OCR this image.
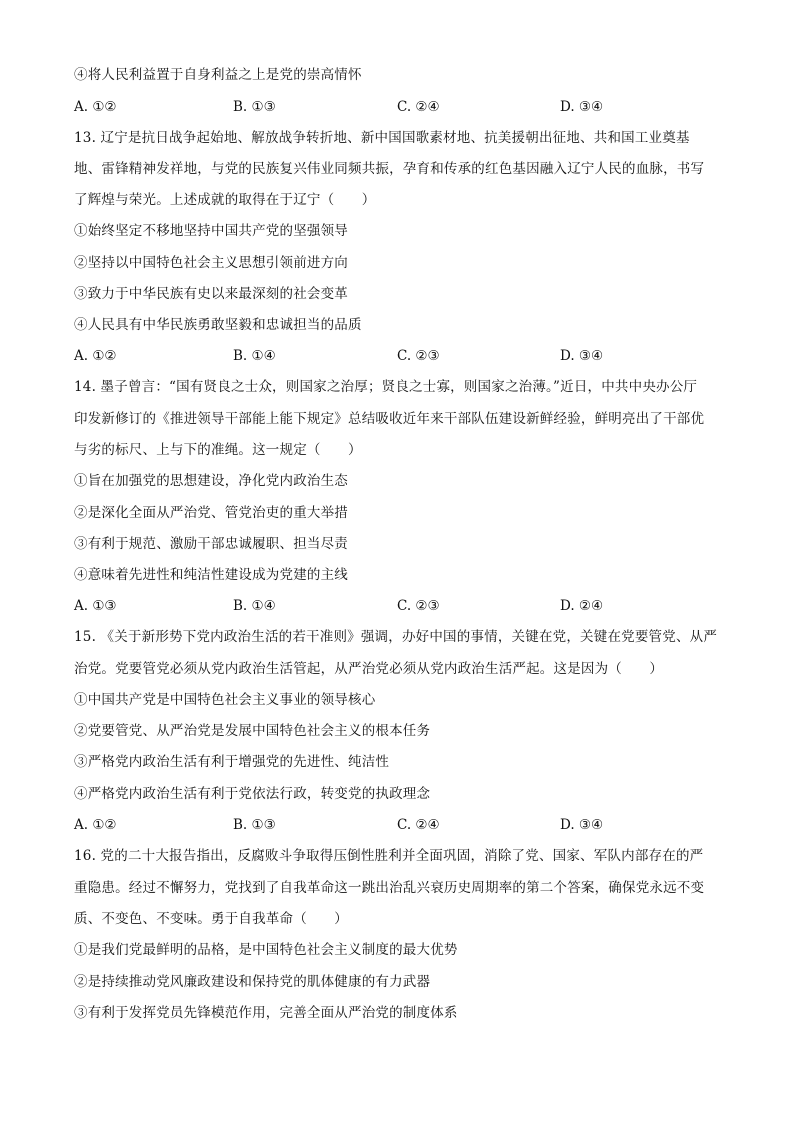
④将人民利益置于自身利益之上是党的崇高情怀
A. ①②	B. ①③	C. ②④	D. ③④
13. 辽宁是抗日战争起始地、解放战争转折地、新中国国歌素材地、抗美援朝出征地、共和国工业奠基
地、雷锋精神发祥地，与党的民族复兴伟业同频共振，孕育和传承的红色基因融入辽宁人民的血脉，书写
了辉煌与荣光。上述成就的取得在于辽宁（　　）
①始终坚定不移地坚持中国共产党的坚强领导
②坚持以中国特色社会主义思想引领前进方向
③致力于中华民族有史以来最深刻的社会变革
④人民具有中华民族勇敢坚毅和忠诚担当的品质
A. ①②	B. ①④	C. ②③	D. ③④
14. 墨子曾言：“国有贤良之士众，则国家之治厚；贤良之士寡，则国家之治薄。”近日，中共中央办公厅
印发新修订的《推进领导干部能上能下规定》总结吸收近年来干部队伍建设新鲜经验，鲜明亮出了干部优
与劣的标尺、上与下的准绳。这一规定（　　）
①旨在加强党的思想建设，净化党内政治生态
②是深化全面从严治党、管党治吏的重大举措
③有利于规范、激励干部忠诚履职、担当尽责
④意味着先进性和纯洁性建设成为党建的主线
A. ①③	B. ①④	C. ②③	D. ②④
15. 《关于新形势下党内政治生活的若干准则》强调，办好中国的事情，关键在党，关键在党要管党、从严
治党。党要管党必须从党内政治生活管起，从严治党必须从党内政治生活严起。这是因为（　　）
①中国共产党是中国特色社会主义事业的领导核心
②党要管党、从严治党是发展中国特色社会主义的根本任务
③严格党内政治生活有利于增强党的先进性、纯洁性
④严格党内政治生活有利于党依法行政，转变党的执政理念
A. ①②	B. ①③	C. ②④	D. ③④
16. 党的二十大报告指出，反腐败斗争取得压倒性胜利并全面巩固，消除了党、国家、军队内部存在的严
重隐患。经过不懈努力，党找到了自我革命这一跳出治乱兴衰历史周期率的第二个答案，确保党永远不变
质、不变色、不变味。勇于自我革命（　　）
①是我们党最鲜明的品格，是中国特色社会主义制度的最大优势
②是持续推动党风廉政建设和保持党的肌体健康的有力武器
③有利于发挥党员先锋模范作用，完善全面从严治党的制度体系
